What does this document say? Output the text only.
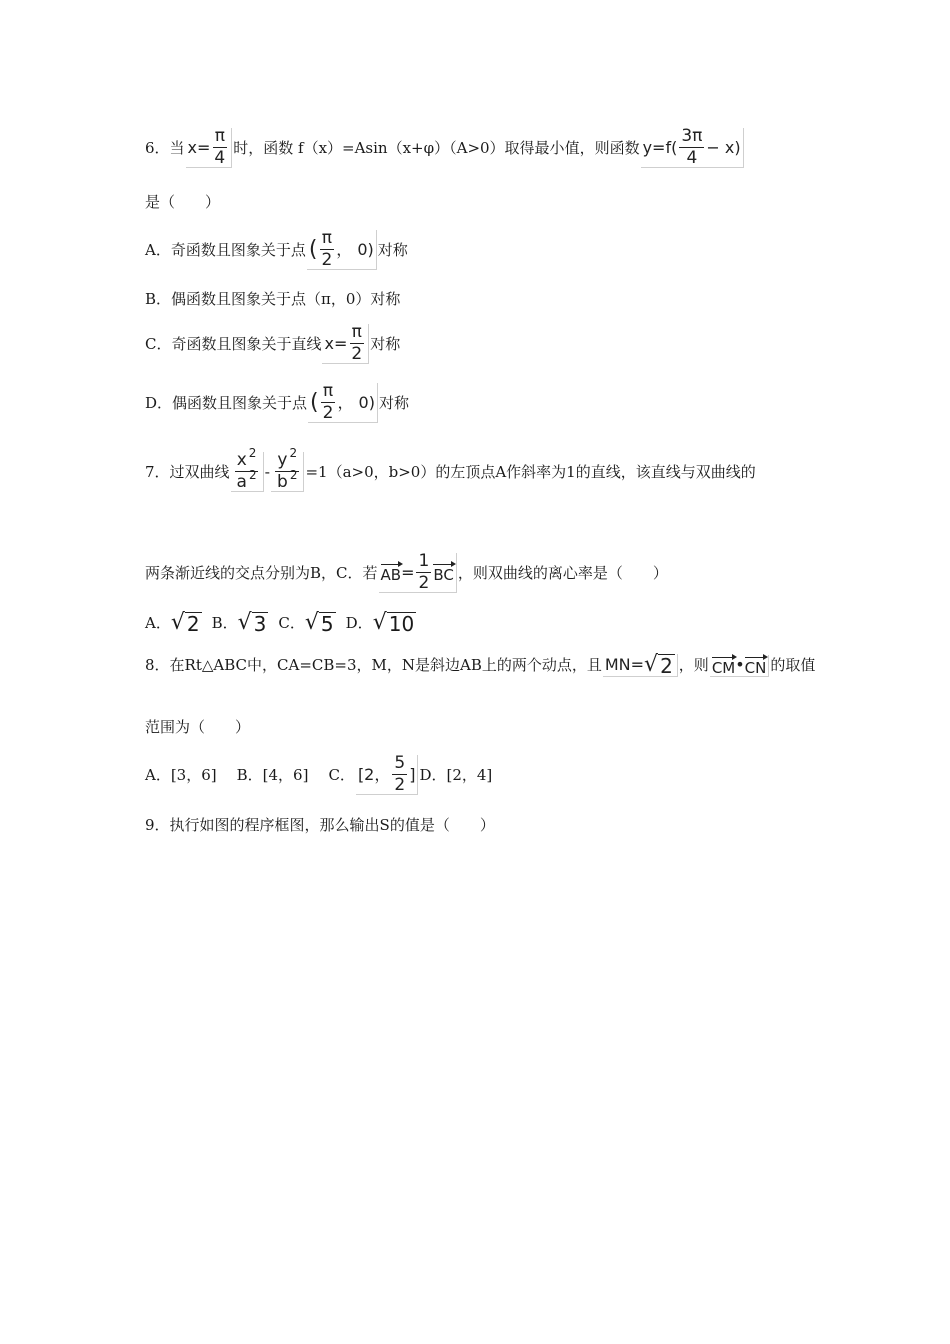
6．当 $x= \frac{\pi}{4}$ 时，函数 f（x）=Asin（x+φ）（A>0）取得最小值，则函数 $y=f( \frac{3\pi}{4} - x)$
是（　　）
A．奇函数且图象关于点 ( $\frac{\pi}{2}$ ， 0) 对称
B．偶函数且图象关于点（π，0）对称
C．奇函数且图象关于直线 $x= \frac{\pi}{2}$ 对称
D．偶函数且图象关于点 ( $\frac{\pi}{2}$ ， 0) 对称
7．过双曲线 $\frac{x ^2}{a ^2} - \frac{y ^2}{b ^2} =1(a>0$，b>0）的左顶点A作斜率为1的直线，该直线与双曲线的
两条渐近线的交点分别为B，C．若 AB = $\frac{1}{2}$ BC ，则双曲线的离心率是（　　）
A． √ 2 B． √ 3 C． √ 5 D． √ 10
8．在Rt△ABC中，CA=CB=3，M，N是斜边AB上的两个动点，且 MN= √ 2 ，则 CM • CN 的取值
范围为（　　）
A．[3，6] B．[4，6] C． [2， $\frac{5}{2}$ ] D．[2，4]
9．执行如图的程序框图，那么输出S的值是（　　）
